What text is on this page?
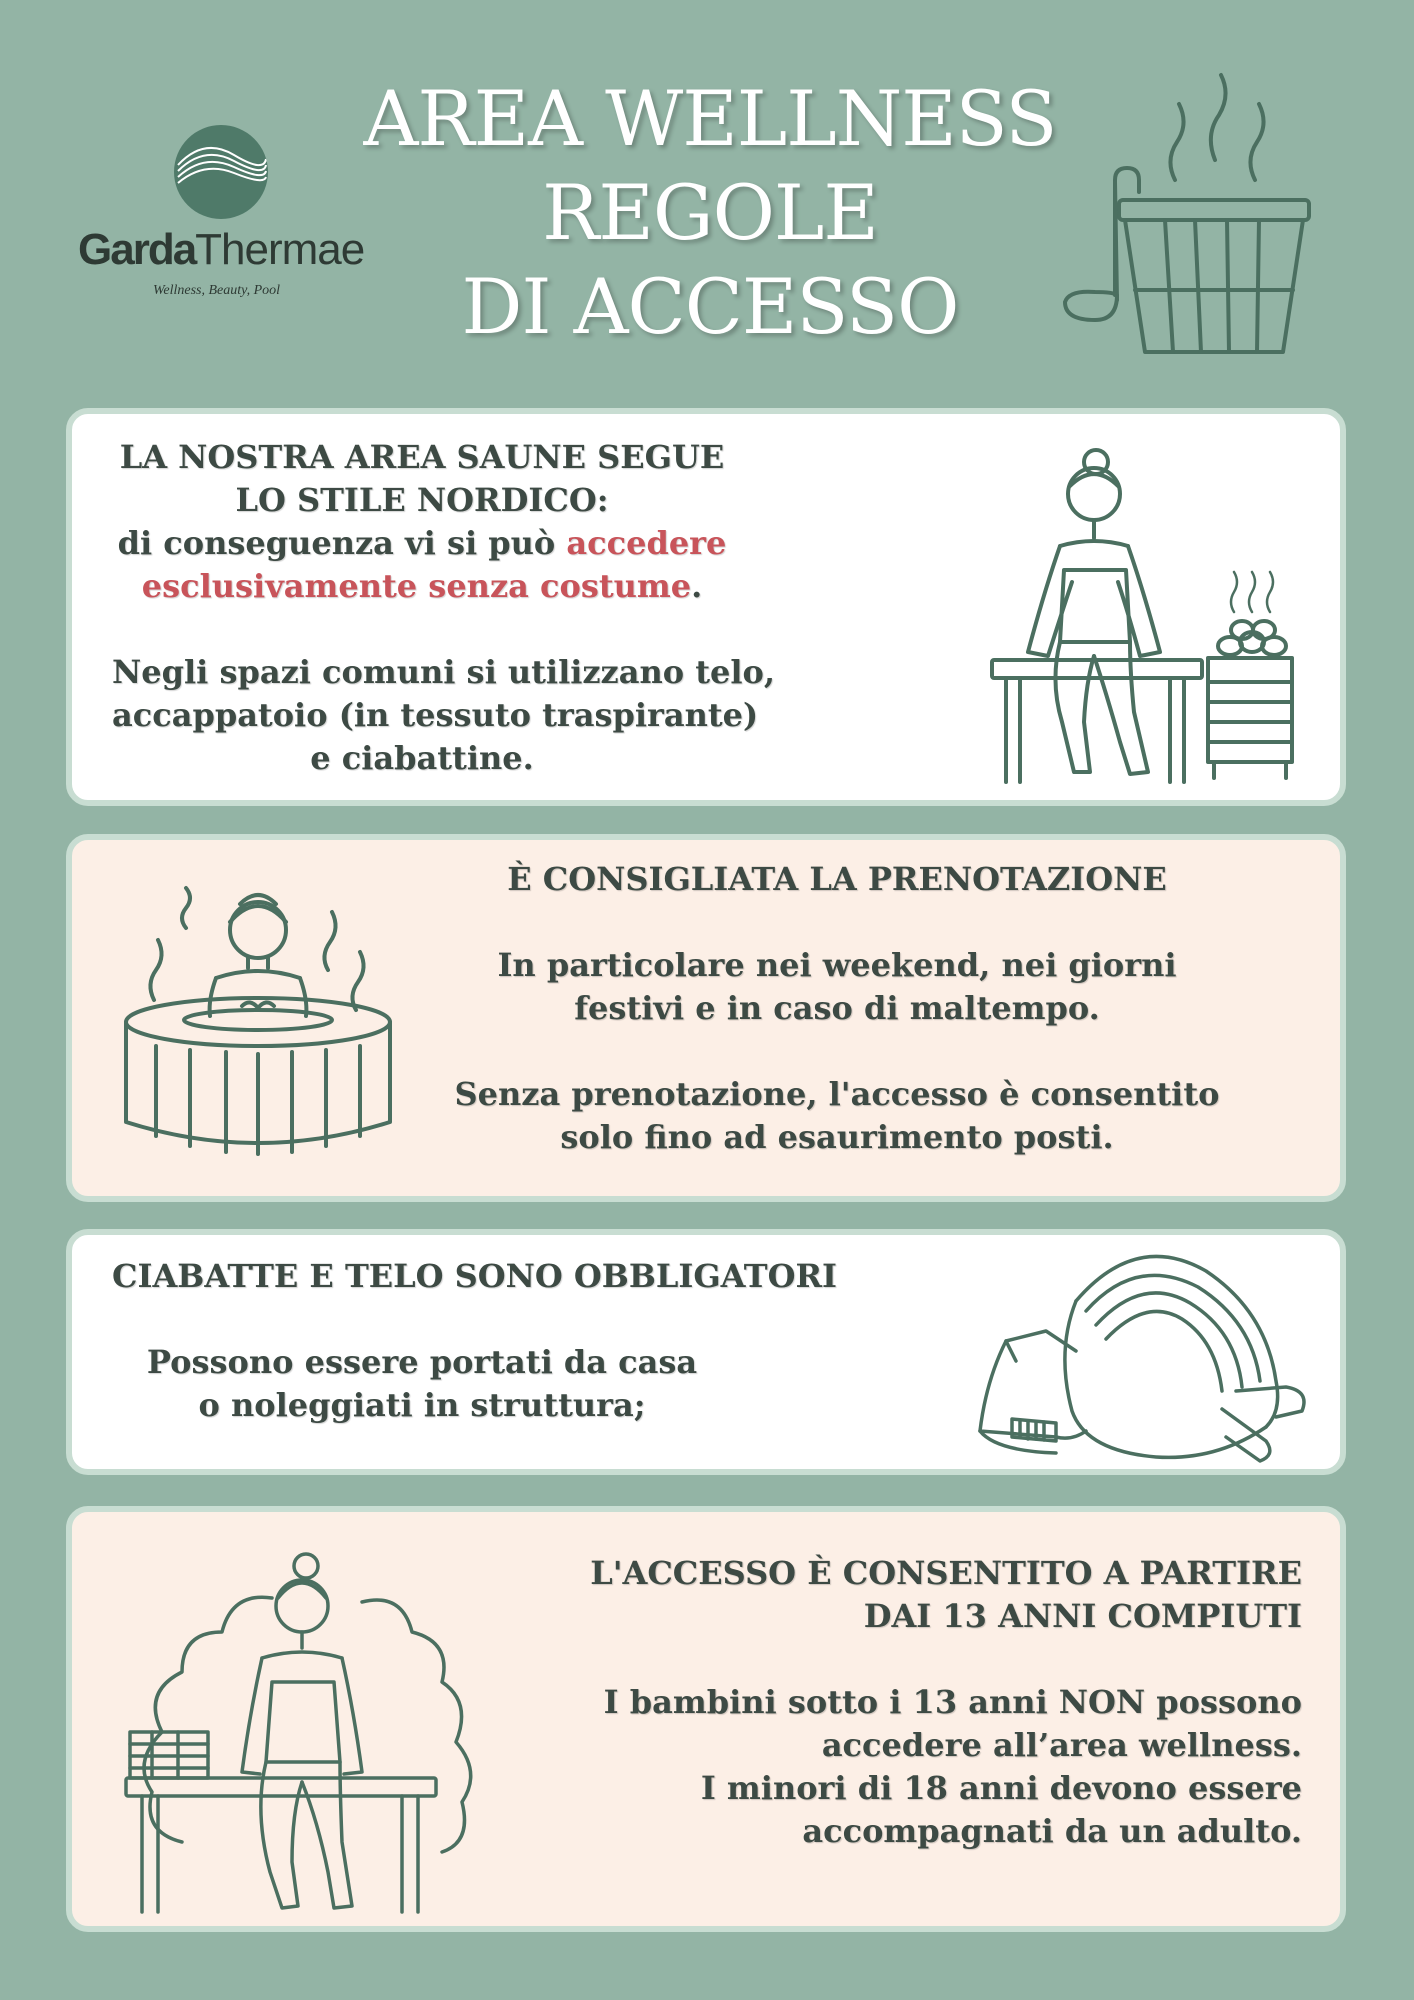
GardaThermae
Wellness, Beauty, Pool
AREA WELLNESS
REGOLE
DI ACCESSO
LA NOSTRA AREA SAUNE SEGUE
LO STILE NORDICO:
di conseguenza vi si può accedere
esclusivamente senza costume.
Negli spazi comuni si utilizzano telo,
accappatoio (in tessuto traspirante)
e ciabattine.
È CONSIGLIATA LA PRENOTAZIONE
In particolare nei weekend, nei giorni
festivi e in caso di maltempo.
Senza prenotazione, l'accesso è consentito
solo fino ad esaurimento posti.
CIABATTE E TELO SONO OBBLIGATORI
Possono essere portati da casa
o noleggiati in struttura;
L'ACCESSO È CONSENTITO A PARTIRE
DAI 13 ANNI COMPIUTI
I bambini sotto i 13 anni NON possono
accedere all’area wellness.
I minori di 18 anni devono essere
accompagnati da un adulto.
